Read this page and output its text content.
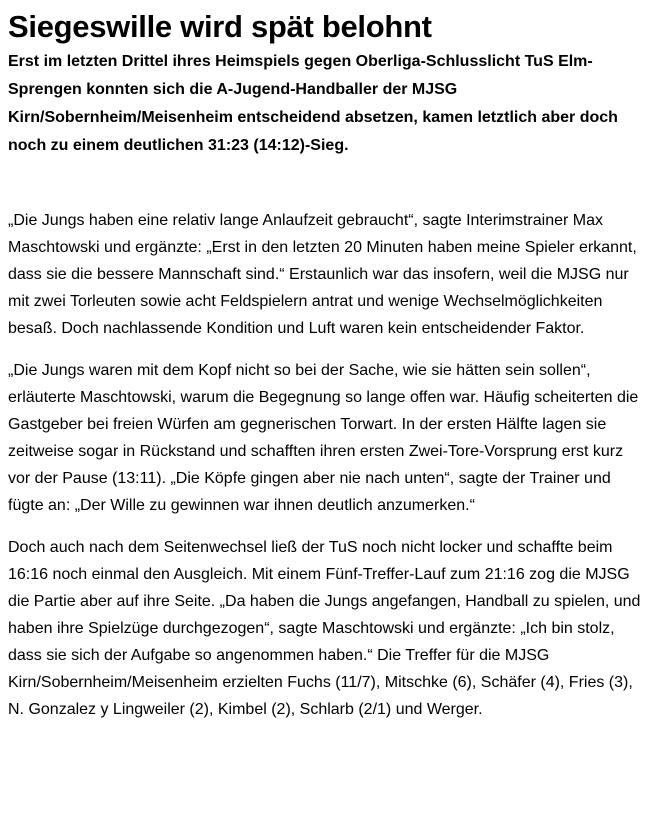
Siegeswille wird spät belohnt

Erst im letzten Drittel ihres Heimspiels gegen Oberliga-Schlusslicht TuS Elm-Sprengen konnten sich die A-Jugend-Handballer der MJSG Kirn/Sobernheim/Meisenheim entscheidend absetzen, kamen letztlich aber doch noch zu einem deutlichen 31:23 (14:12)-Sieg.

„Die Jungs haben eine relativ lange Anlaufzeit gebraucht“, sagte Interimstrainer Max Maschtowski und ergänzte: „Erst in den letzten 20 Minuten haben meine Spieler erkannt, dass sie die bessere Mannschaft sind.“ Erstaunlich war das insofern, weil die MJSG nur mit zwei Torleuten sowie acht Feldspielern antrat und wenige Wechselmöglichkeiten besaß. Doch nachlassende Kondition und Luft waren kein entscheidender Faktor.

„Die Jungs waren mit dem Kopf nicht so bei der Sache, wie sie hätten sein sollen“, erläuterte Maschtowski, warum die Begegnung so lange offen war. Häufig scheiterten die Gastgeber bei freien Würfen am gegnerischen Torwart. In der ersten Hälfte lagen sie zeitweise sogar in Rückstand und schafften ihren ersten Zwei-Tore-Vorsprung erst kurz vor der Pause (13:11). „Die Köpfe gingen aber nie nach unten“, sagte der Trainer und fügte an: „Der Wille zu gewinnen war ihnen deutlich anzumerken.“

Doch auch nach dem Seitenwechsel ließ der TuS noch nicht locker und schaffte beim 16:16 noch einmal den Ausgleich. Mit einem Fünf-Treffer-Lauf zum 21:16 zog die MJSG die Partie aber auf ihre Seite. „Da haben die Jungs angefangen, Handball zu spielen, und haben ihre Spielzüge durchgezogen“, sagte Maschtowski und ergänzte: „Ich bin stolz, dass sie sich der Aufgabe so angenommen haben.“ Die Treffer für die MJSG Kirn/Sobernheim/Meisenheim erzielten Fuchs (11/7), Mitschke (6), Schäfer (4), Fries (3), N. Gonzalez y Lingweiler (2), Kimbel (2), Schlarb (2/1) und Werger.
